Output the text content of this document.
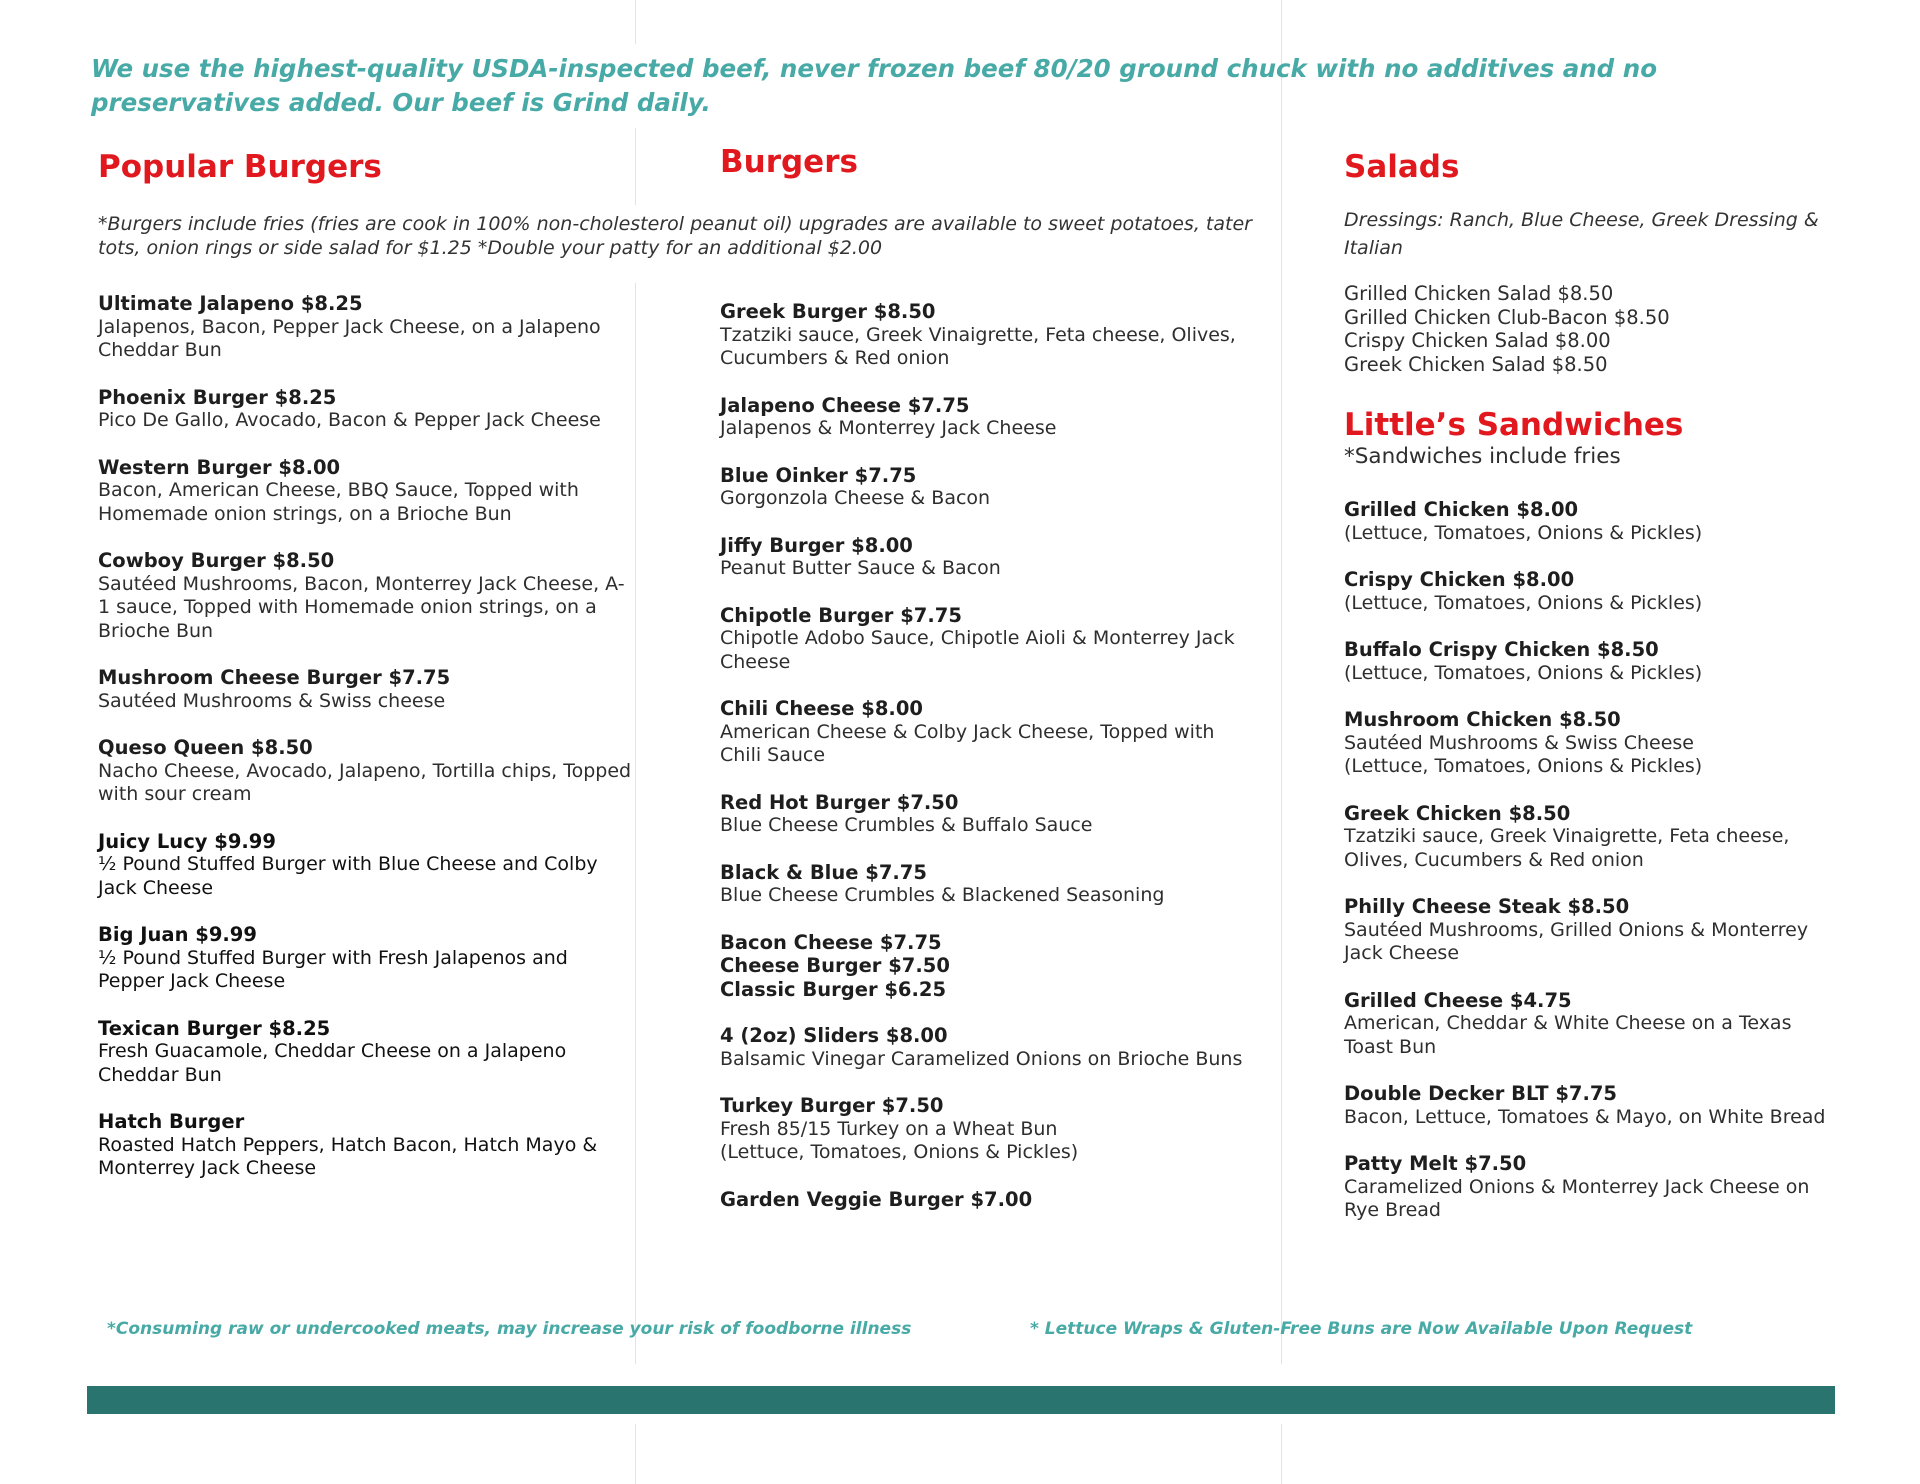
We use the highest-quality USDA-inspected beef, never frozen beef 80/20 ground chuck with no additives and no preservatives added. Our beef is Grind daily.

Popular Burgers

*Burgers include fries (fries are cook in 100% non-cholesterol peanut oil) upgrades are available to sweet potatoes, tater tots, onion rings or side salad for $1.25 *Double your patty for an additional $2.00

Ultimate Jalapeno $8.25
Jalapenos, Bacon, Pepper Jack Cheese, on a Jalapeno Cheddar Bun
Phoenix Burger $8.25
Pico De Gallo, Avocado, Bacon & Pepper Jack Cheese
Western Burger $8.00
Bacon, American Cheese, BBQ Sauce, Topped with Homemade onion strings, on a Brioche Bun
Cowboy Burger $8.50
Sautéed Mushrooms, Bacon, Monterrey Jack Cheese, A-1 sauce, Topped with Homemade onion strings, on a Brioche Bun
Mushroom Cheese Burger $7.75
Sautéed Mushrooms & Swiss cheese
Queso Queen $8.50
Nacho Cheese, Avocado, Jalapeno, Tortilla chips, Topped with sour cream
Juicy Lucy $9.99
½ Pound Stuffed Burger with Blue Cheese and Colby Jack Cheese
Big Juan $9.99
½ Pound Stuffed Burger with Fresh Jalapenos and Pepper Jack Cheese
Texican Burger $8.25
Fresh Guacamole, Cheddar Cheese on a Jalapeno Cheddar Bun
Hatch Burger
Roasted Hatch Peppers, Hatch Bacon, Hatch Mayo & Monterrey Jack Cheese
Burgers
Greek Burger $8.50
Tzatziki sauce, Greek Vinaigrette, Feta cheese, Olives, Cucumbers & Red onion
Jalapeno Cheese $7.75
Jalapenos & Monterrey Jack Cheese
Blue Oinker $7.75
Gorgonzola Cheese & Bacon
Jiffy Burger $8.00
Peanut Butter Sauce & Bacon
Chipotle Burger $7.75
Chipotle Adobo Sauce, Chipotle Aioli & Monterrey Jack Cheese
Chili Cheese $8.00
American Cheese & Colby Jack Cheese, Topped with Chili Sauce
Red Hot Burger $7.50
Blue Cheese Crumbles & Buffalo Sauce
Black & Blue $7.75
Blue Cheese Crumbles & Blackened Seasoning
Bacon Cheese $7.75
Cheese Burger $7.50
Classic Burger $6.25
4 (2oz) Sliders $8.00
Balsamic Vinegar Caramelized Onions on Brioche Buns
Turkey Burger $7.50
Fresh 85/15 Turkey on a Wheat Bun (Lettuce, Tomatoes, Onions & Pickles)
Garden Veggie Burger $7.00
Salads

Dressings: Ranch, Blue Cheese, Greek Dressing & Italian

Grilled Chicken Salad $8.50
Grilled Chicken Club-Bacon $8.50
Crispy Chicken Salad $8.00
Greek Chicken Salad $8.50
Little’s Sandwiches

*Sandwiches include fries

Grilled Chicken $8.00
(Lettuce, Tomatoes, Onions & Pickles)
Crispy Chicken $8.00
(Lettuce, Tomatoes, Onions & Pickles)
Buffalo Crispy Chicken $8.50
(Lettuce, Tomatoes, Onions & Pickles)
Mushroom Chicken $8.50
Sautéed Mushrooms & Swiss Cheese (Lettuce, Tomatoes, Onions & Pickles)
Greek Chicken $8.50
Tzatziki sauce, Greek Vinaigrette, Feta cheese, Olives, Cucumbers & Red onion
Philly Cheese Steak $8.50
Sautéed Mushrooms, Grilled Onions & Monterrey Jack Cheese
Grilled Cheese $4.75
American, Cheddar & White Cheese on a Texas Toast Bun
Double Decker BLT $7.75
Bacon, Lettuce, Tomatoes & Mayo, on White Bread
Patty Melt $7.50
Caramelized Onions & Monterrey Jack Cheese on Rye Bread

*Consuming raw or undercooked meats, may increase your risk of foodborne illness	* Lettuce Wraps & Gluten-Free Buns are Now Available Upon Request
